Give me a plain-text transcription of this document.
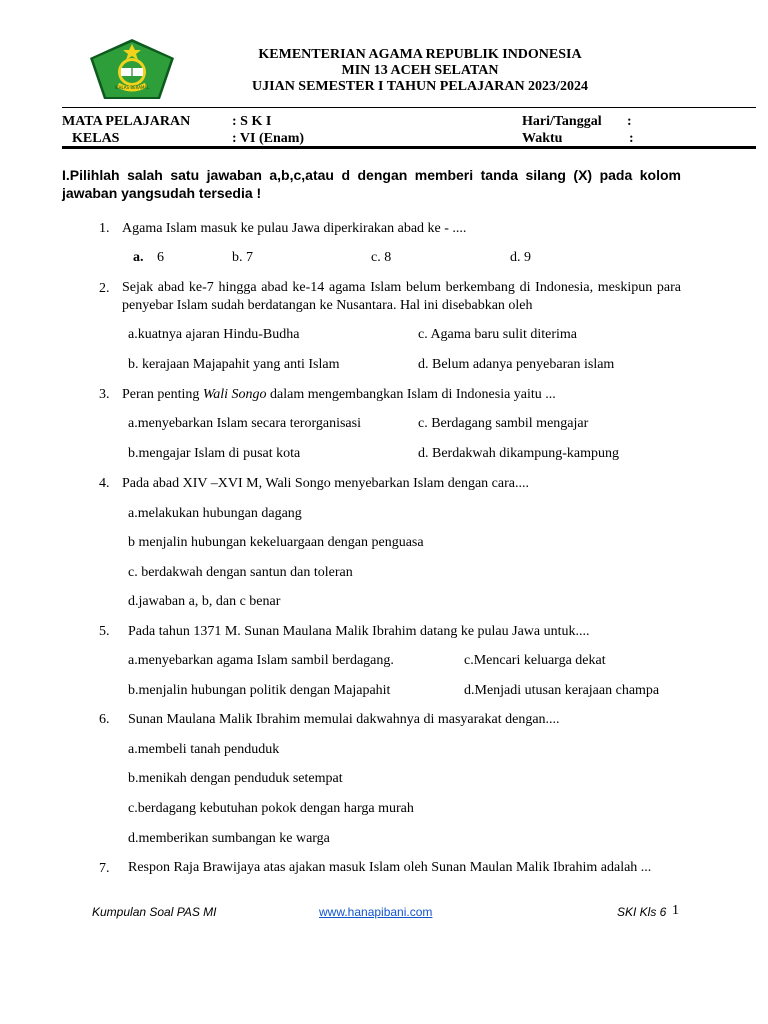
IKHLAS BERAMAL
KEMENTERIAN AGAMA REPUBLIK INDONESIA
MIN 13 ACEH SELATAN
UJIAN SEMESTER I TAHUN PELAJARAN 2023/2024
MATA PELAJARAN	: S K I
KELAS	: VI (Enam)
Hari/Tanggal :
Waktu	:
I.Pilihlah salah satu jawaban a,b,c,atau d dengan memberi tanda silang (X) pada kolom jawaban yangsudah tersedia !
1. Agama Islam masuk ke pulau Jawa diperkirakan abad ke - ....
a. 6	b. 7	c. 8	d. 9
2. Sejak abad ke-7 hingga abad ke-14 agama Islam belum berkembang di Indonesia, meskipun para penyebar Islam sudah berdatangan ke Nusantara. Hal ini disebabkan oleh
a.kuatnya ajaran Hindu-Budha	c. Agama baru sulit diterima
b. kerajaan Majapahit yang anti Islam	d. Belum adanya penyebaran islam
3. Peran penting Wali Songo dalam mengembangkan Islam di Indonesia yaitu ...
a.menyebarkan Islam secara terorganisasi	c. Berdagang sambil mengajar
b.mengajar Islam di pusat kota	d. Berdakwah dikampung-kampung
4. Pada abad XIV –XVI M, Wali Songo menyebarkan Islam dengan cara....
a.melakukan hubungan dagang
b menjalin hubungan kekeluargaan dengan penguasa
c. berdakwah dengan santun dan toleran
d.jawaban a, b, dan c benar
5. Pada tahun 1371 M. Sunan Maulana Malik Ibrahim datang ke pulau Jawa untuk....
a.menyebarkan agama Islam sambil berdagang.	c.Mencari keluarga dekat
b.menjalin hubungan politik dengan Majapahit	d.Menjadi utusan kerajaan champa
6. Sunan Maulana Malik Ibrahim memulai dakwahnya di masyarakat dengan....
a.membeli tanah penduduk
b.menikah dengan penduduk setempat
c.berdagang kebutuhan pokok dengan harga murah
d.memberikan sumbangan ke warga
7. Respon Raja Brawijaya atas ajakan masuk Islam oleh Sunan Maulan Malik Ibrahim adalah ...
Kumpulan Soal PAS MI	www.hanapibani.com	SKI Kls 6 1
